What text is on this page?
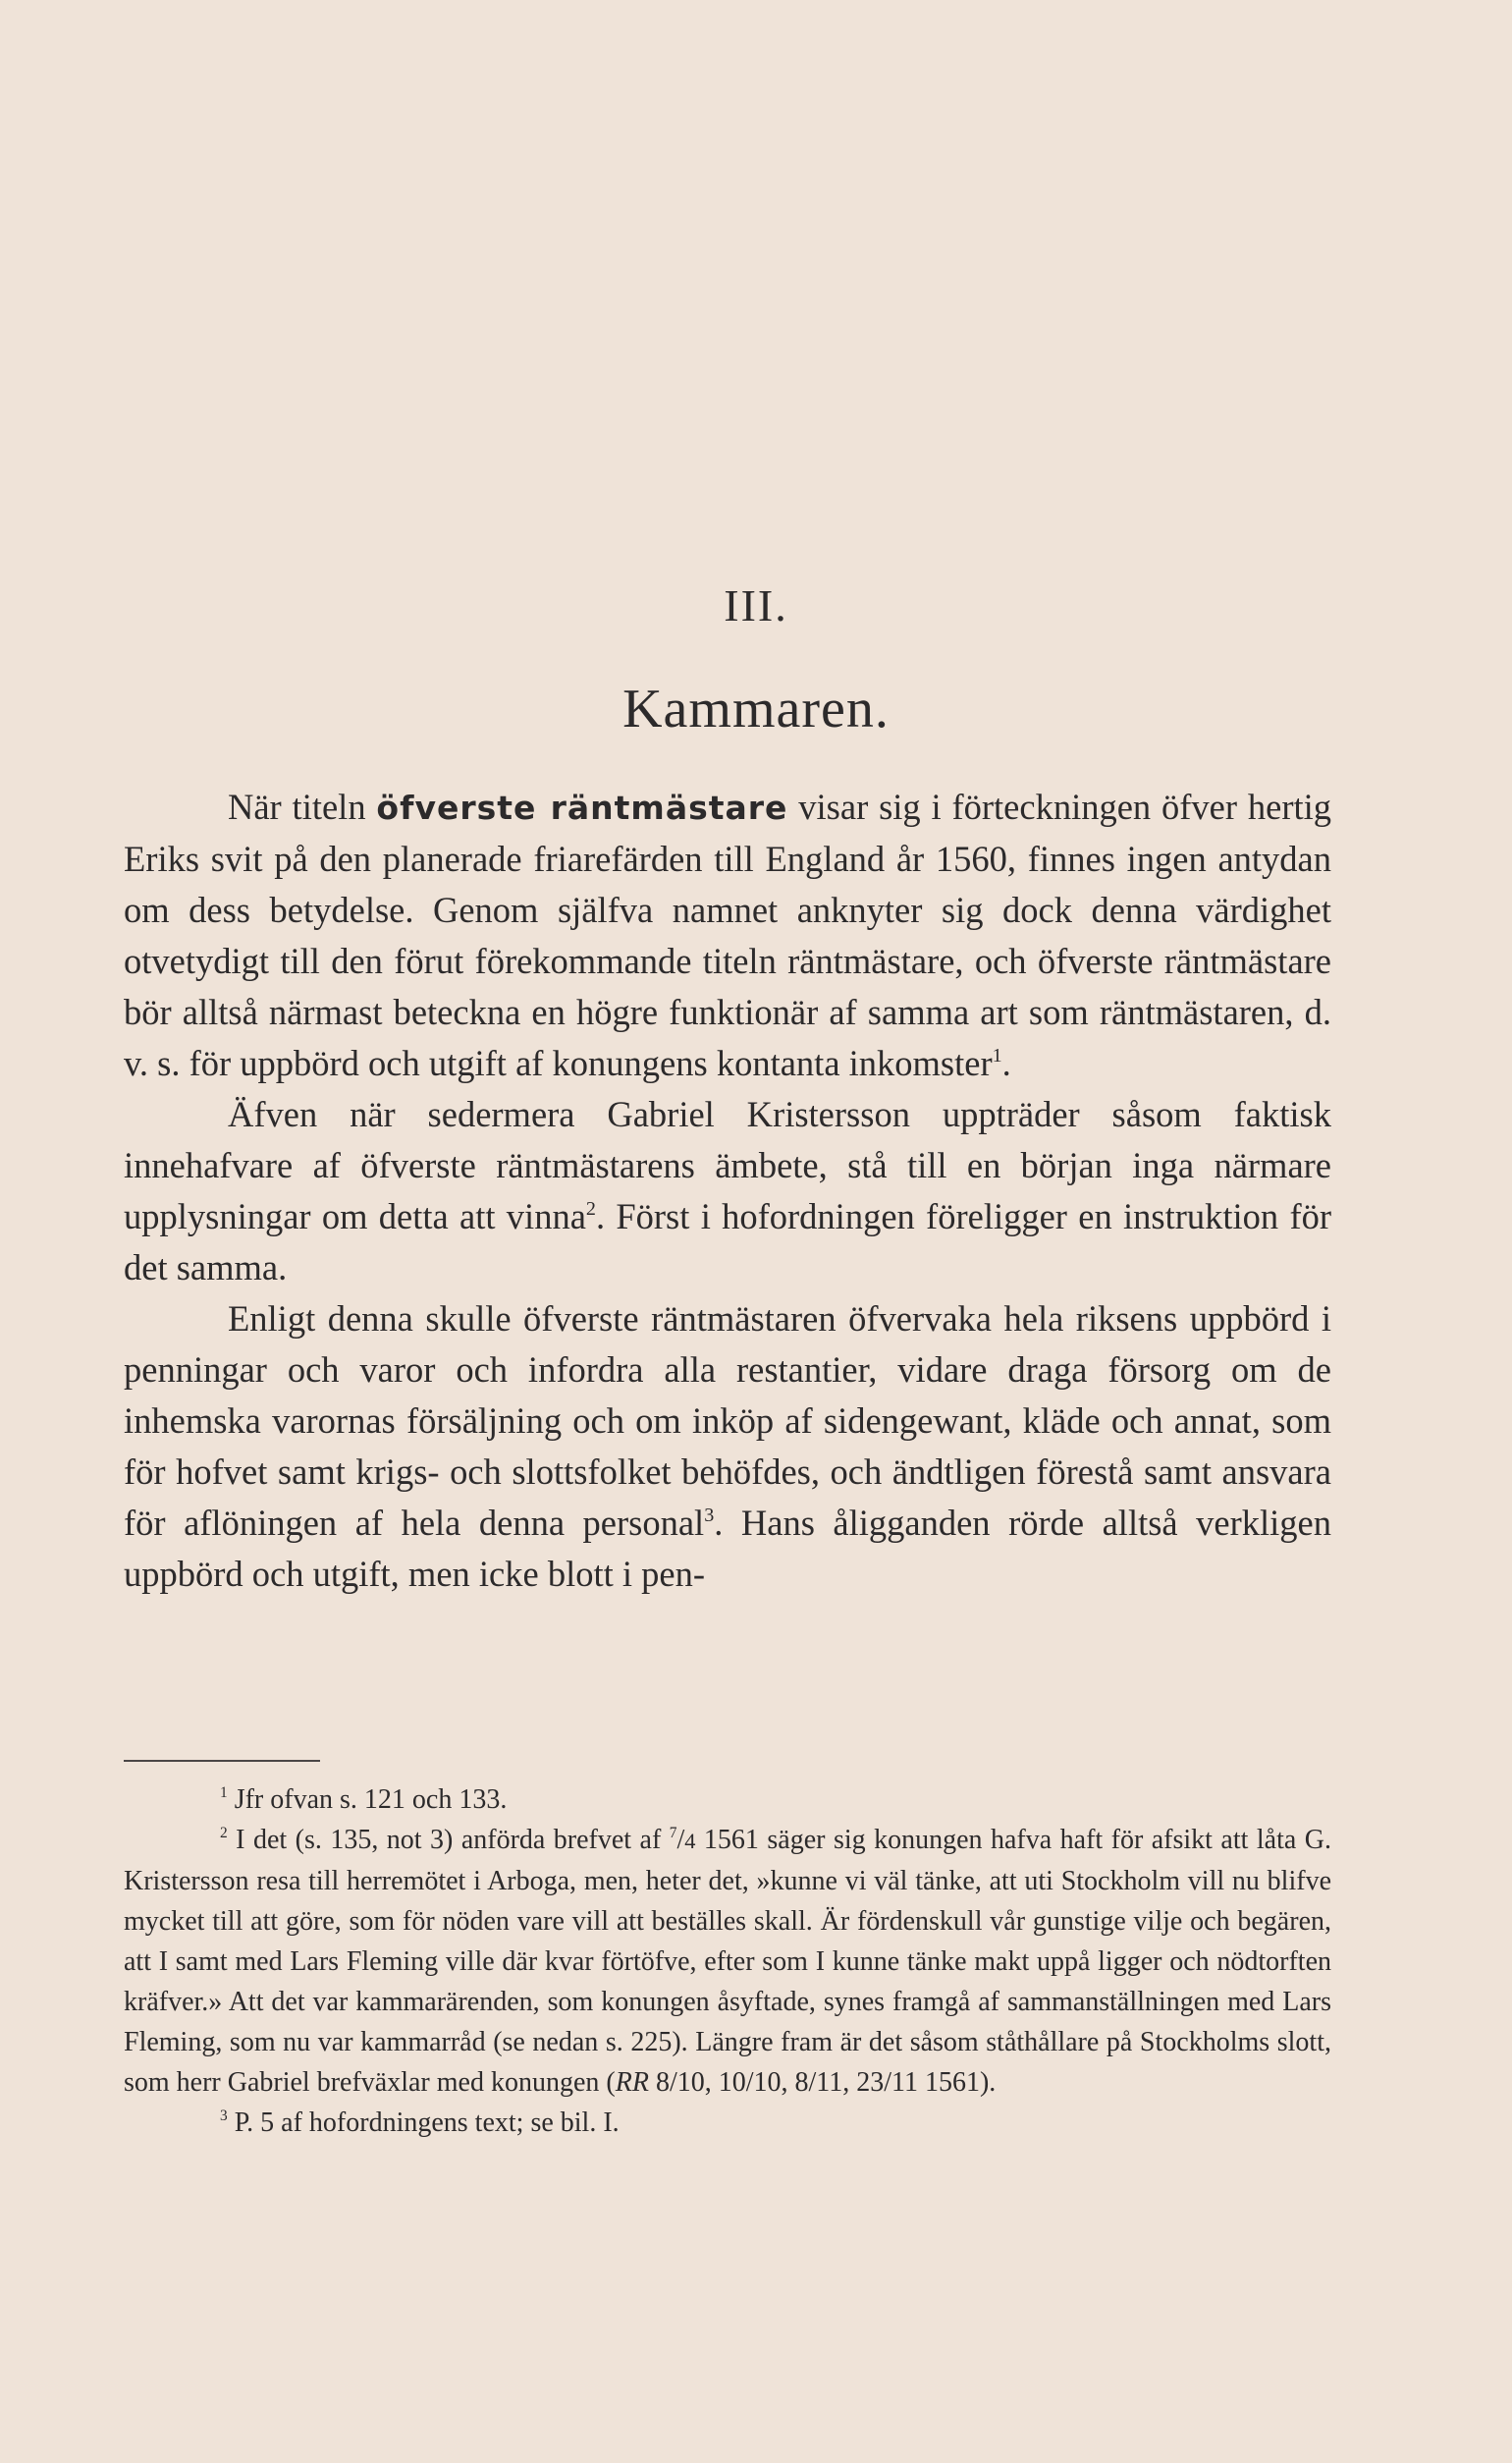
III.
Kammaren.

När titeln öfverste räntmästare visar sig i förteckningen öfver hertig Eriks svit på den planerade friarefärden till England år 1560, finnes ingen antydan om dess betydelse. Genom själfva namnet anknyter sig dock denna värdighet otvetydigt till den förut förekommande titeln räntmästare, och öfverste räntmästare bör alltså närmast beteckna en högre funktionär af samma art som räntmästaren, d. v. s. för uppbörd och utgift af konungens kontanta inkomster$^1$.

Äfven när sedermera Gabriel Kristersson uppträder såsom faktisk innehafvare af öfverste räntmästarens ämbete, stå till en början inga närmare upplysningar om detta att vinna$^2$. Först i hofordningen föreligger en instruktion för det samma.

Enligt denna skulle öfverste räntmästaren öfvervaka hela riksens uppbörd i penningar och varor och infordra alla restantier, vidare draga försorg om de inhemska varornas försäljning och om inköp af sidengewant, kläde och annat, som för hofvet samt krigs- och slottsfolket behöfdes, och ändtligen förestå samt ansvara för aflöningen af hela denna personal$^3$. Hans åligganden rörde alltså verkligen uppbörd och utgift, men icke blott i pen-

$^1$ Jfr ofvan s. 121 och 133.

$^2$ I det (s. 135, not 3) anförda brefvet af $^7$/4 1561 säger sig konungen hafva haft för afsikt att låta G. Kristersson resa till herremötet i Arboga, men, heter det, »kunne vi väl tänke, att uti Stockholm vill nu blifve mycket till att göre, som för nöden vare vill att beställes skall. Är fördenskull vår gunstige vilje och begären, att I samt med Lars Fleming ville där kvar förtöfve, efter som I kunne tänke makt uppå ligger och nödtorften kräfver.» Att det var kammarärenden, som konungen åsyftade, synes framgå af sammanställningen med Lars Fleming, som nu var kammarråd (se nedan s. 225). Längre fram är det såsom ståthållare på Stockholms slott, som herr Gabriel brefväxlar med konungen (RR 8/10, 10/10, 8/11, 23/11 1561).

$^3$ P. 5 af hofordningens text; se bil. I.
